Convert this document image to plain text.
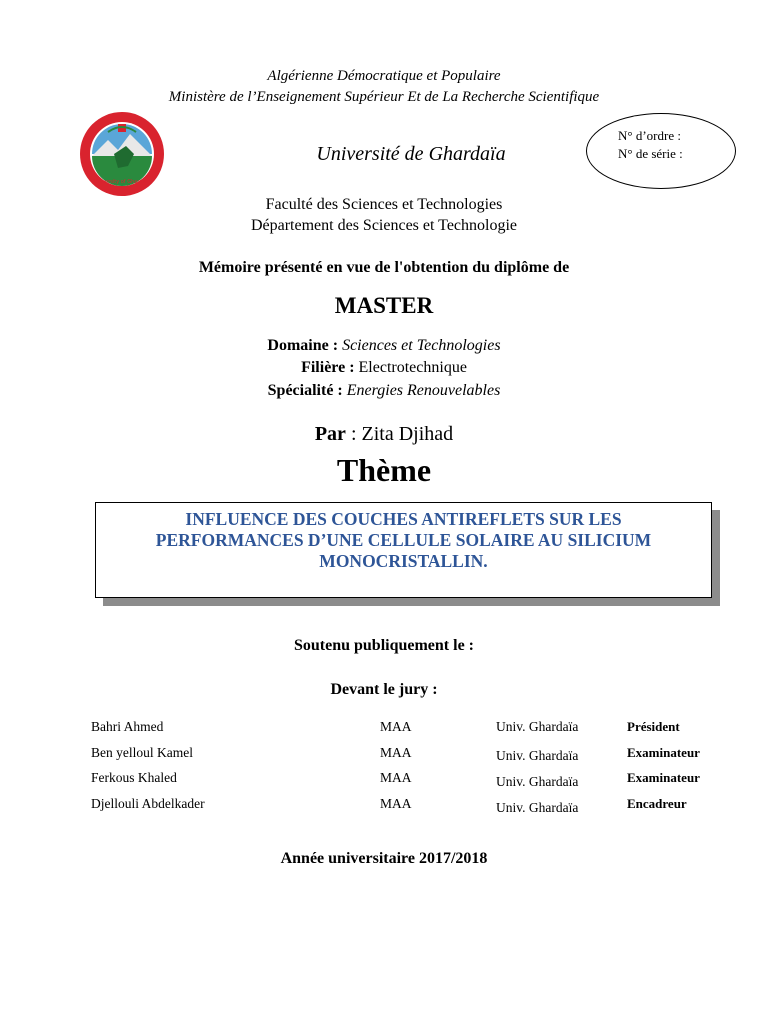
Algérienne Démocratique et Populaire
Ministère de l’Enseignement Supérieur Et de La Recherche Scientifique
University of Ghardaia
N° d’ordre :
N° de série :
Université de Ghardaïa
Faculté des Sciences et Technologies
Département des Sciences et Technologie
Mémoire présenté en vue de l'obtention du diplôme de
MASTER
Domaine : Sciences et Technologies
Filière : Electrotechnique
Spécialité : Energies Renouvelables
Par : Zita Djihad
Thème
INFLUENCE DES COUCHES ANTIREFLETS SUR LES
PERFORMANCES D’UNE CELLULE SOLAIRE AU SILICIUM
MONOCRISTALLIN.
Soutenu publiquement le :
Devant le jury :
Bahri Ahmed	MAA	Univ. Ghardaïa	Président
Ben yelloul Kamel	MAA	Univ. Ghardaïa	Examinateur
Ferkous Khaled	MAA	Univ. Ghardaïa	Examinateur
Djellouli Abdelkader	MAA	Univ. Ghardaïa	Encadreur
Année universitaire 2017/2018
